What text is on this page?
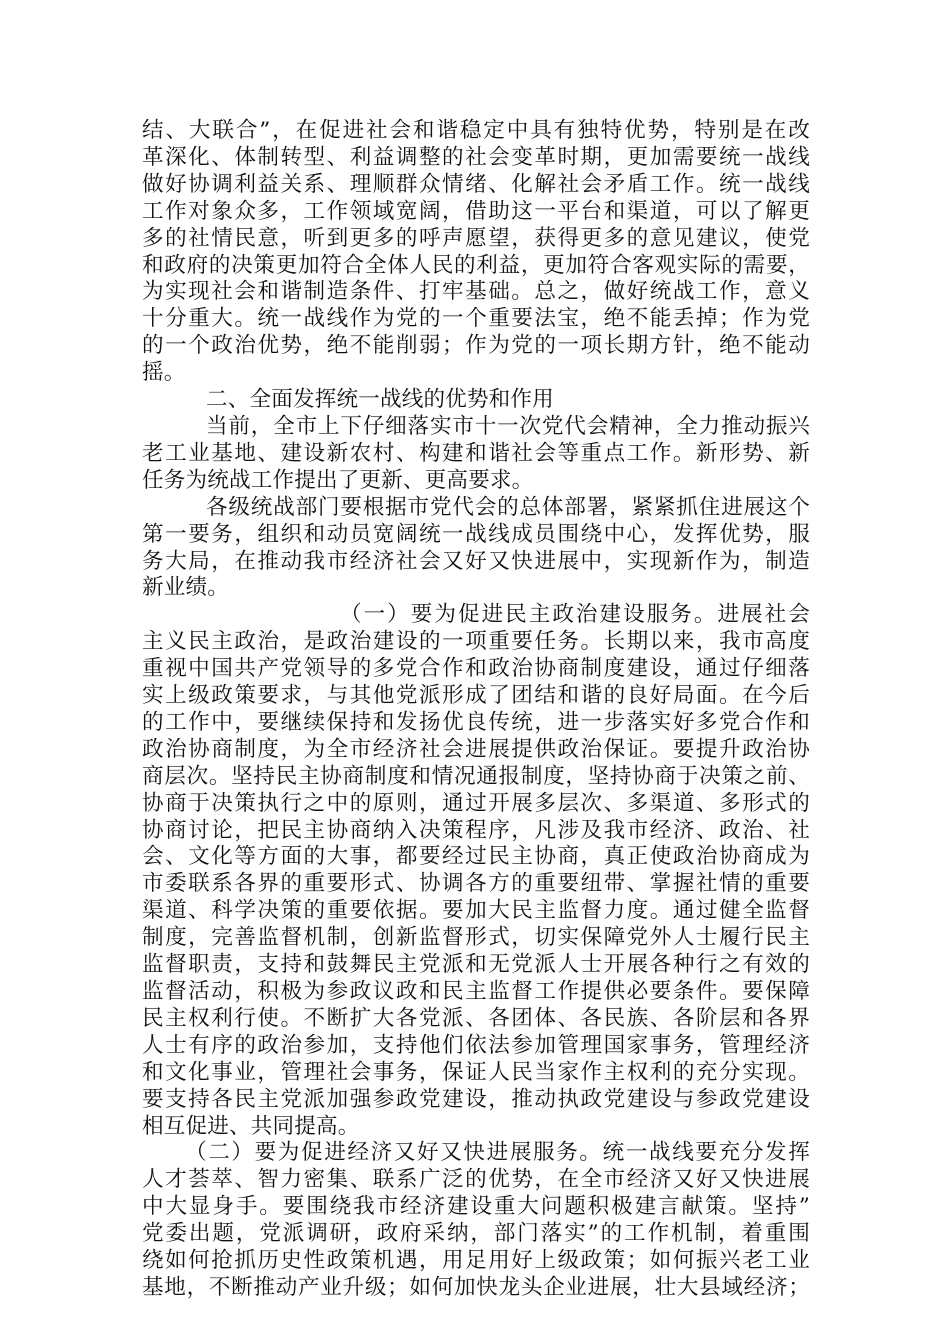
结、大联合”，在促进社会和谐稳定中具有独特优势，特别是在改
革深化、体制转型、利益调整的社会变革时期，更加需要统一战线
做好协调利益关系、理顺群众情绪、化解社会矛盾工作。统一战线
工作对象众多，工作领域宽阔，借助这一平台和渠道，可以了解更
多的社情民意，听到更多的呼声愿望，获得更多的意见建议，使党
和政府的决策更加符合全体人民的利益，更加符合客观实际的需要，
为实现社会和谐制造条件、打牢基础。总之，做好统战工作，意义
十分重大。统一战线作为党的一个重要法宝，绝不能丢掉；作为党
的一个政治优势，绝不能削弱；作为党的一项长期方针，绝不能动
摇。
二、全面发挥统一战线的优势和作用
当前，全市上下仔细落实市十一次党代会精神，全力推动振兴
老工业基地、建设新农村、构建和谐社会等重点工作。新形势、新
任务为统战工作提出了更新、更高要求。
各级统战部门要根据市党代会的总体部署，紧紧抓住进展这个
第一要务，组织和动员宽阔统一战线成员围绕中心，发挥优势，服
务大局，在推动我市经济社会又好又快进展中，实现新作为，制造
新业绩。
（一）要为促进民主政治建设服务。进展社会
主义民主政治，是政治建设的一项重要任务。长期以来，我市高度
重视中国共产党领导的多党合作和政治协商制度建设，通过仔细落
实上级政策要求，与其他党派形成了团结和谐的良好局面。在今后
的工作中，要继续保持和发扬优良传统，进一步落实好多党合作和
政治协商制度，为全市经济社会进展提供政治保证。要提升政治协
商层次。坚持民主协商制度和情况通报制度，坚持协商于决策之前、
协商于决策执行之中的原则，通过开展多层次、多渠道、多形式的
协商讨论，把民主协商纳入决策程序，凡涉及我市经济、政治、社
会、文化等方面的大事，都要经过民主协商，真正使政治协商成为
市委联系各界的重要形式、协调各方的重要纽带、掌握社情的重要
渠道、科学决策的重要依据。要加大民主监督力度。通过健全监督
制度，完善监督机制，创新监督形式，切实保障党外人士履行民主
监督职责，支持和鼓舞民主党派和无党派人士开展各种行之有效的
监督活动，积极为参政议政和民主监督工作提供必要条件。要保障
民主权利行使。不断扩大各党派、各团体、各民族、各阶层和各界
人士有序的政治参加，支持他们依法参加管理国家事务，管理经济
和文化事业，管理社会事务，保证人民当家作主权利的充分实现。
要支持各民主党派加强参政党建设，推动执政党建设与参政党建设
相互促进、共同提高。
（二）要为促进经济又好又快进展服务。统一战线要充分发挥
人才荟萃、智力密集、联系广泛的优势，在全市经济又好又快进展
中大显身手。要围绕我市经济建设重大问题积极建言献策。坚持”
党委出题，党派调研，政府采纳，部门落实”的工作机制，着重围
绕如何抢抓历史性政策机遇，用足用好上级政策；如何振兴老工业
基地，不断推动产业升级；如何加快龙头企业进展，壮大县域经济；
